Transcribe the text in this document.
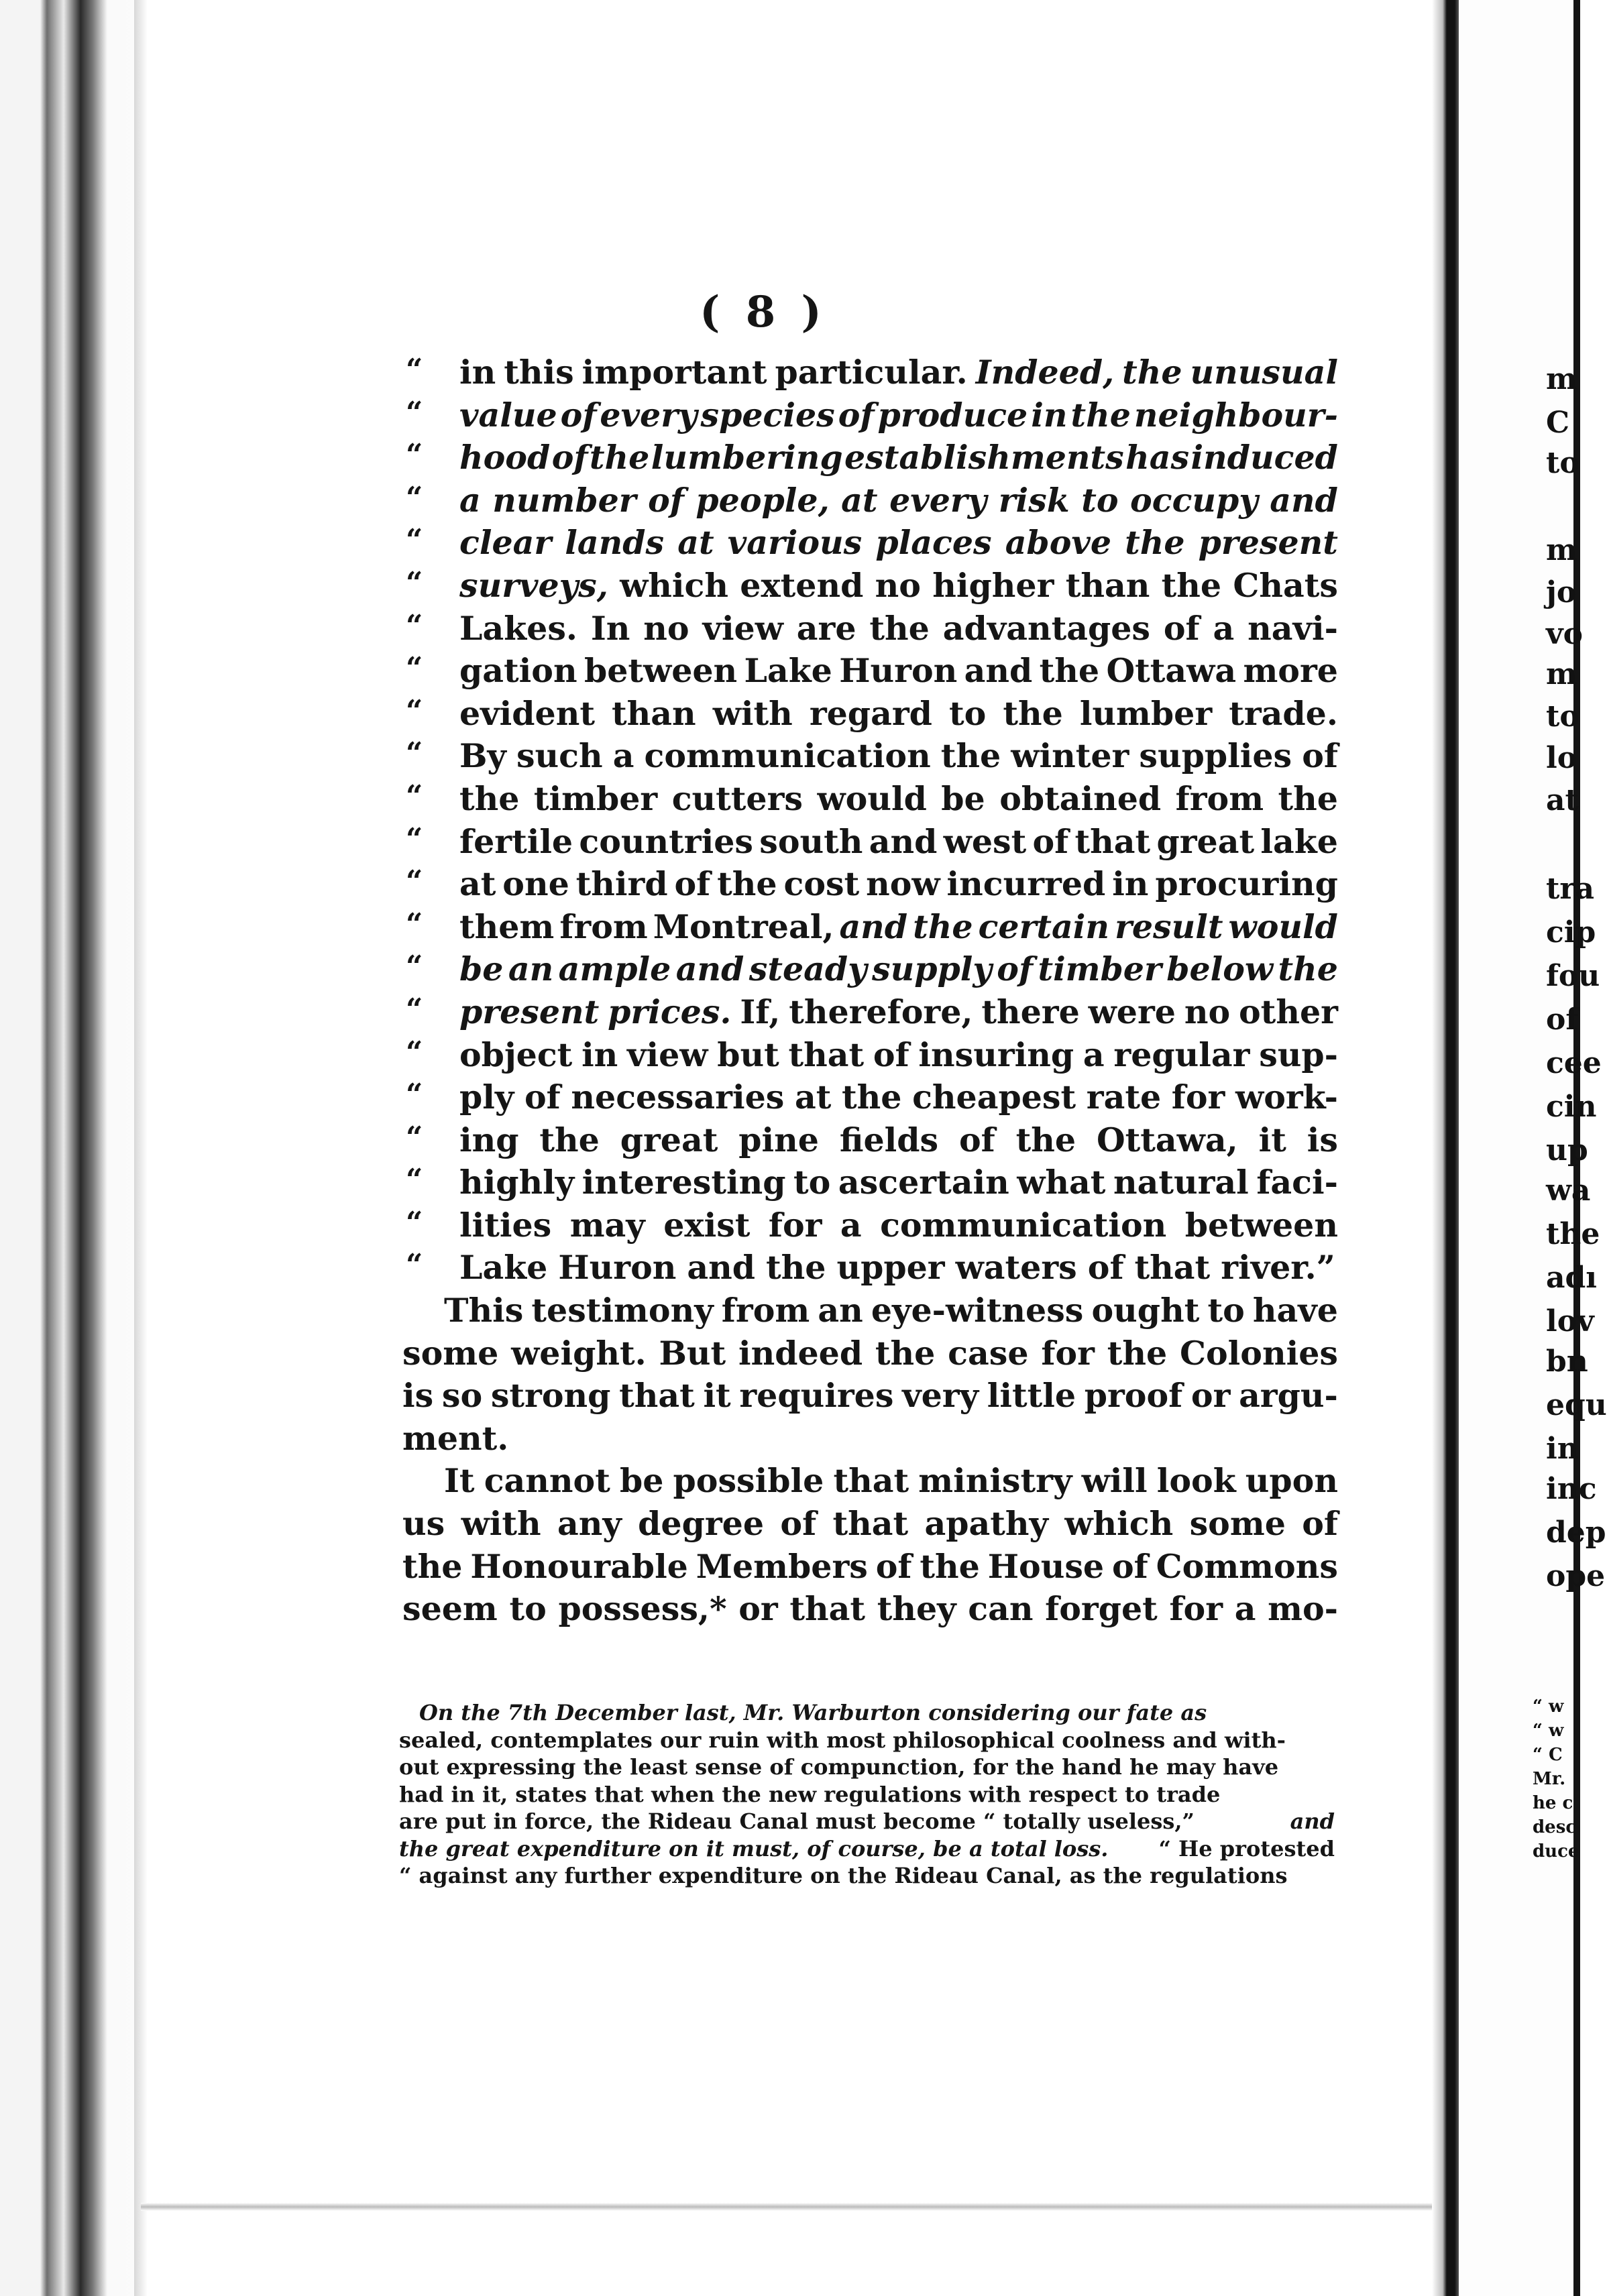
m
C
to
m
jo
vo
m
to
lo
at
tra
cip
fou
of
cee
cin
up
wa
the
adı
lov
bn
equ
in
inc
dep
ope
“ w
“ w
“ C
Mr.
he c
desc
duce
( 8 )
“	in this important particular. Indeed, the unusual
“	value of every species of produce in the neighbour-
“	hood of the lumbering establishments has induced
“	a number of people, at every risk to occupy and
“	clear lands at various places above the present
“	surveys, which extend no higher than the Chats
“	Lakes. In no view are the advantages of a navi-
“	gation between Lake Huron and the Ottawa more
“	evident than with regard to the lumber trade.
“	By such a communication the winter supplies of
“	the timber cutters would be obtained from the
“	fertile countries south and west of that great lake
“	at one third of the cost now incurred in procuring
“	them from Montreal, and the certain result would
“	be an ample and steady supply of timber below the
“	present prices. If, therefore, there were no other
“	object in view but that of insuring a regular sup-
“	ply of necessaries at the cheapest rate for work-
“	ing the great pine fields of the Ottawa, it is
“	highly interesting to ascertain what natural faci-
“	lities may exist for a communication between
“	Lake Huron and the upper waters of that river.”
This testimony from an eye-witness ought to have
some weight. But indeed the case for the Colonies
is so strong that it requires very little proof or argu-
ment.
It cannot be possible that ministry will look upon
us with any degree of that apathy which some of
the Honourable Members of the House of Commons
seem to possess,* or that they can forget for a mo-
On the 7th December last, Mr. Warburton considering our fate as
sealed, contemplates our ruin with most philosophical coolness and with-
out expressing the least sense of compunction, for the hand he may have
had in it, states that when the new regulations with respect to trade
are put in force, the Rideau Canal must become “ totally useless,”	and
the great expenditure on it must, of course, be a total loss. “ He protested
“ against any further expenditure on the Rideau Canal, as the regulations
